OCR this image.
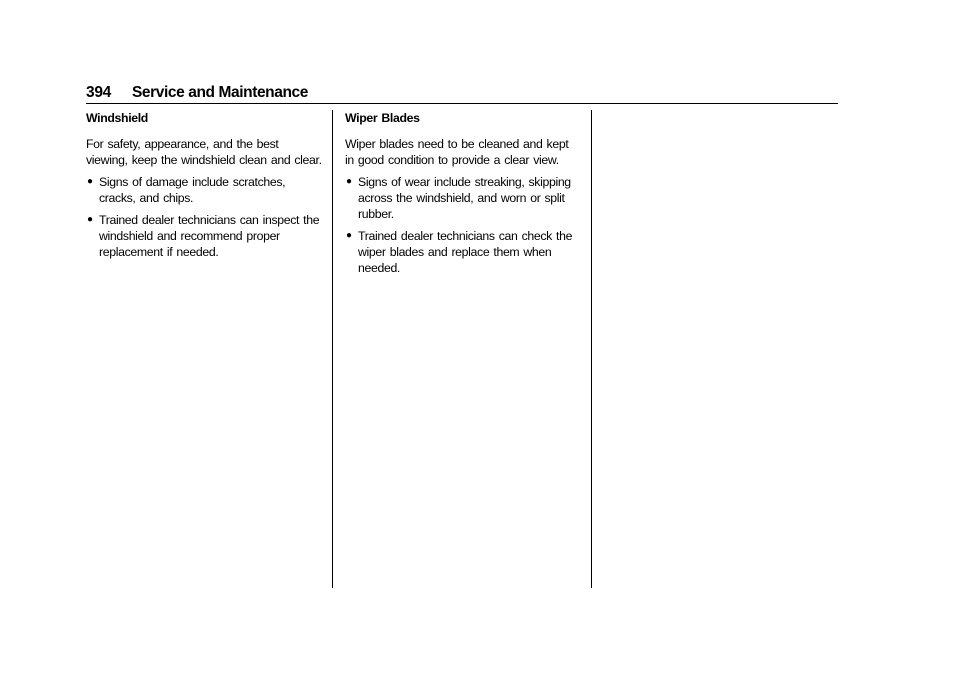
394 Service and Maintenance
Windshield

For safety, appearance, and the best viewing, keep the windshield clean and clear.

● Signs of damage include scratches, cracks, and chips.
● Trained dealer technicians can inspect the windshield and recommend proper replacement if needed.
Wiper Blades

Wiper blades need to be cleaned and kept in good condition to provide a clear view.

● Signs of wear include streaking, skipping across the windshield, and worn or split rubber.
● Trained dealer technicians can check the wiper blades and replace them when needed.
